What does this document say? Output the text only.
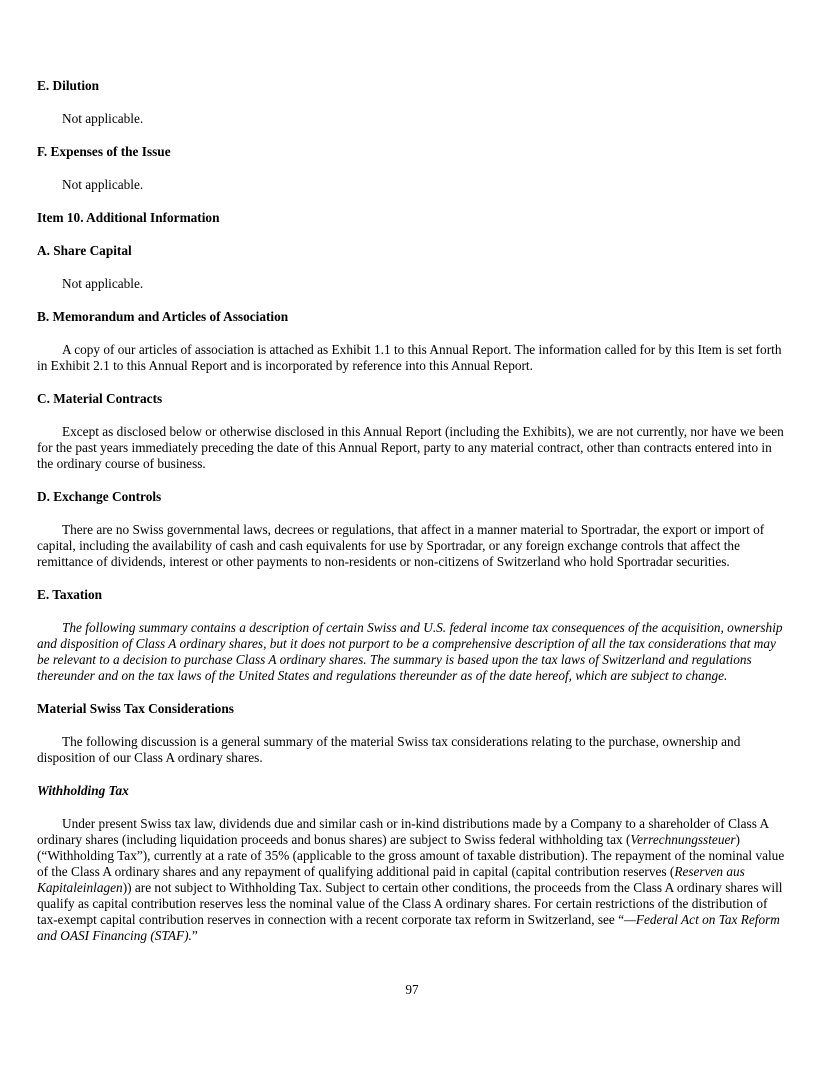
E. Dilution

Not applicable.

F. Expenses of the Issue

Not applicable.

Item 10. Additional Information
A. Share Capital

Not applicable.

B. Memorandum and Articles of Association

A copy of our articles of association is attached as Exhibit 1.1 to this Annual Report. The information called for by this Item is set forth in Exhibit 2.1 to this Annual Report and is incorporated by reference into this Annual Report.

C. Material Contracts

Except as disclosed below or otherwise disclosed in this Annual Report (including the Exhibits), we are not currently, nor have we been for the past years immediately preceding the date of this Annual Report, party to any material contract, other than contracts entered into in the ordinary course of business.

D. Exchange Controls

There are no Swiss governmental laws, decrees or regulations, that affect in a manner material to Sportradar, the export or import of capital, including the availability of cash and cash equivalents for use by Sportradar, or any foreign exchange controls that affect the remittance of dividends, interest or other payments to non-residents or non-citizens of Switzerland who hold Sportradar securities.

E. Taxation

The following summary contains a description of certain Swiss and U.S. federal income tax consequences of the acquisition, ownership and disposition of Class A ordinary shares, but it does not purport to be a comprehensive description of all the tax considerations that may be relevant to a decision to purchase Class A ordinary shares. The summary is based upon the tax laws of Switzerland and regulations thereunder and on the tax laws of the United States and regulations thereunder as of the date hereof, which are subject to change.

Material Swiss Tax Considerations

The following discussion is a general summary of the material Swiss tax considerations relating to the purchase, ownership and disposition of our Class A ordinary shares.

Withholding Tax

Under present Swiss tax law, dividends due and similar cash or in-kind distributions made by a Company to a shareholder of Class A ordinary shares (including liquidation proceeds and bonus shares) are subject to Swiss federal withholding tax (Verrechnungssteuer) (“Withholding Tax”), currently at a rate of 35% (applicable to the gross amount of taxable distribution). The repayment of the nominal value of the Class A ordinary shares and any repayment of qualifying additional paid in capital (capital contribution reserves (Reserven aus Kapitaleinlagen)) are not subject to Withholding Tax. Subject to certain other conditions, the proceeds from the Class A ordinary shares will qualify as capital contribution reserves less the nominal value of the Class A ordinary shares. For certain restrictions of the distribution of tax-exempt capital contribution reserves in connection with a recent corporate tax reform in Switzerland, see “—Federal Act on Tax Reform and OASI Financing (STAF).”

97
